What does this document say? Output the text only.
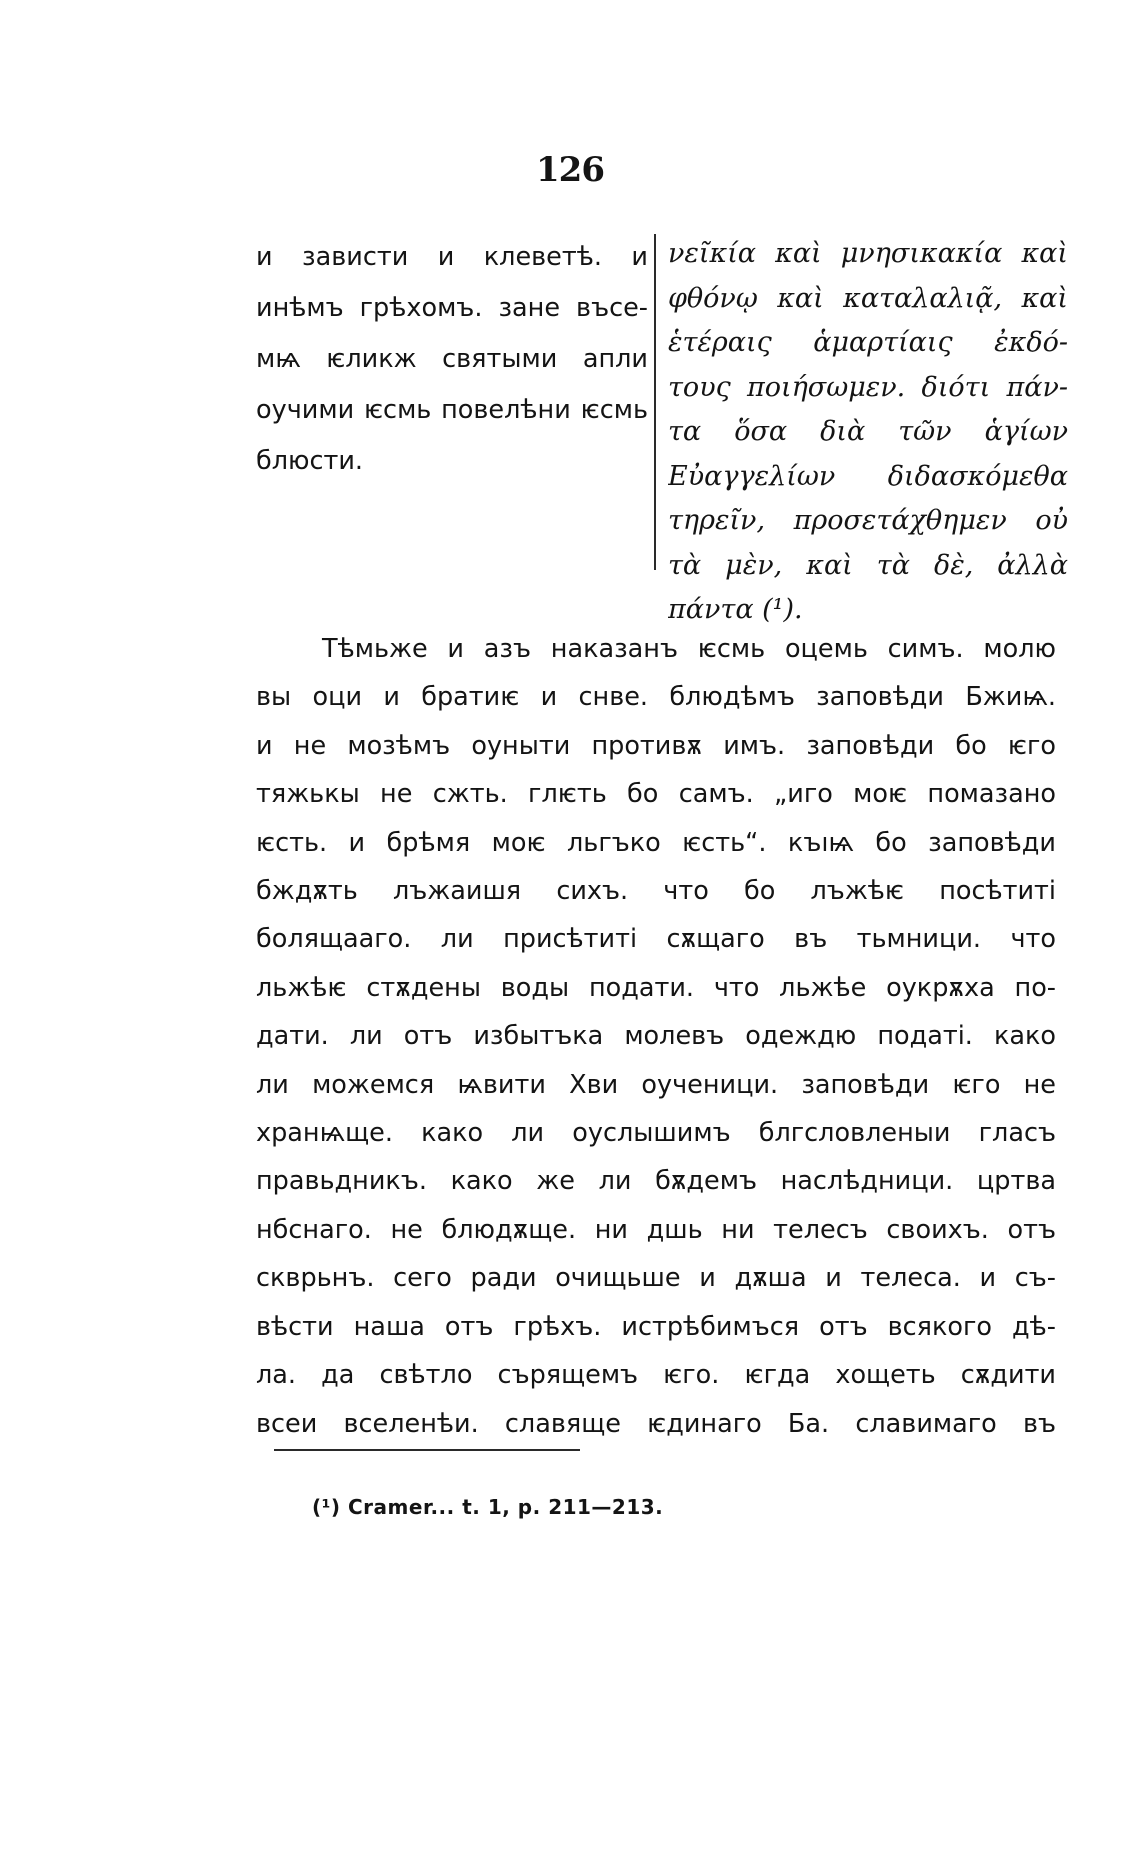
126
и зависти и клеветѣ. и
инѣмъ грѣхомъ. зане въсе-
мѩ ѥликж святыми апли
оучими ѥсмь повелѣни ѥсмь
блюсти.
νεῖκία καὶ μνησικακία καὶ
φθόνῳ καὶ καταλαλιᾷ, καὶ
ἑτέραις ἁμαρτίαις ἐκδό-
τους ποιήσωμεν. διότι πάν-
τα ὅσα διὰ τῶν ἁγίων
Εὐαγγελίων διδασκόμεθα
τηρεῖν, προσετάχθημεν οὐ
τὰ μὲν, καὶ τὰ δὲ, ἀλλὰ
πάντα (¹).
Тѣмьже и азъ наказанъ ѥсмь оцемь симъ. молю
вы оци и братиѥ и снве. блюдѣмъ заповѣди Бжиѩ.
и не мозѣмъ оуныти противѫ имъ. заповѣди бо ѥго
тяжькы не сжть. глѥть бо самъ. „иго моѥ помазано
ѥсть. и брѣмя моѥ льгъко ѥсть“. къıѩ бо заповѣди
бждѫть лъжаишя сихъ. что бо лъжѣѥ посѣтиті
болящааго. ли присѣтиті сѫщаго въ тьмници. что
льжѣѥ стѫдены воды подати. что льжѣе оукрѫха по-
дати. ли отъ избытъка молевъ одеждю податі. како
ли можемся ѩвити Хви оученици. заповѣди ѥго не
хранѩще. како ли оуслышимъ блгсловленыи гласъ
правьдникъ. како же ли бѫдемъ наслѣдници. цртва
нбснаго. не блюдѫще. ни дшь ни телесъ своихъ. отъ
скврьнъ. сего ради очищьше и дѫша и телеса. и съ-
вѣсти наша отъ грѣхъ. истрѣбимъся отъ всякого дѣ-
ла. да свѣтло сърящемъ ѥго. ѥгда хощеть сѫдити
всеи вселенѣи. славяще ѥдинаго Ба. славимаго въ
(¹) Cramer... t. 1, p. 211—213.
